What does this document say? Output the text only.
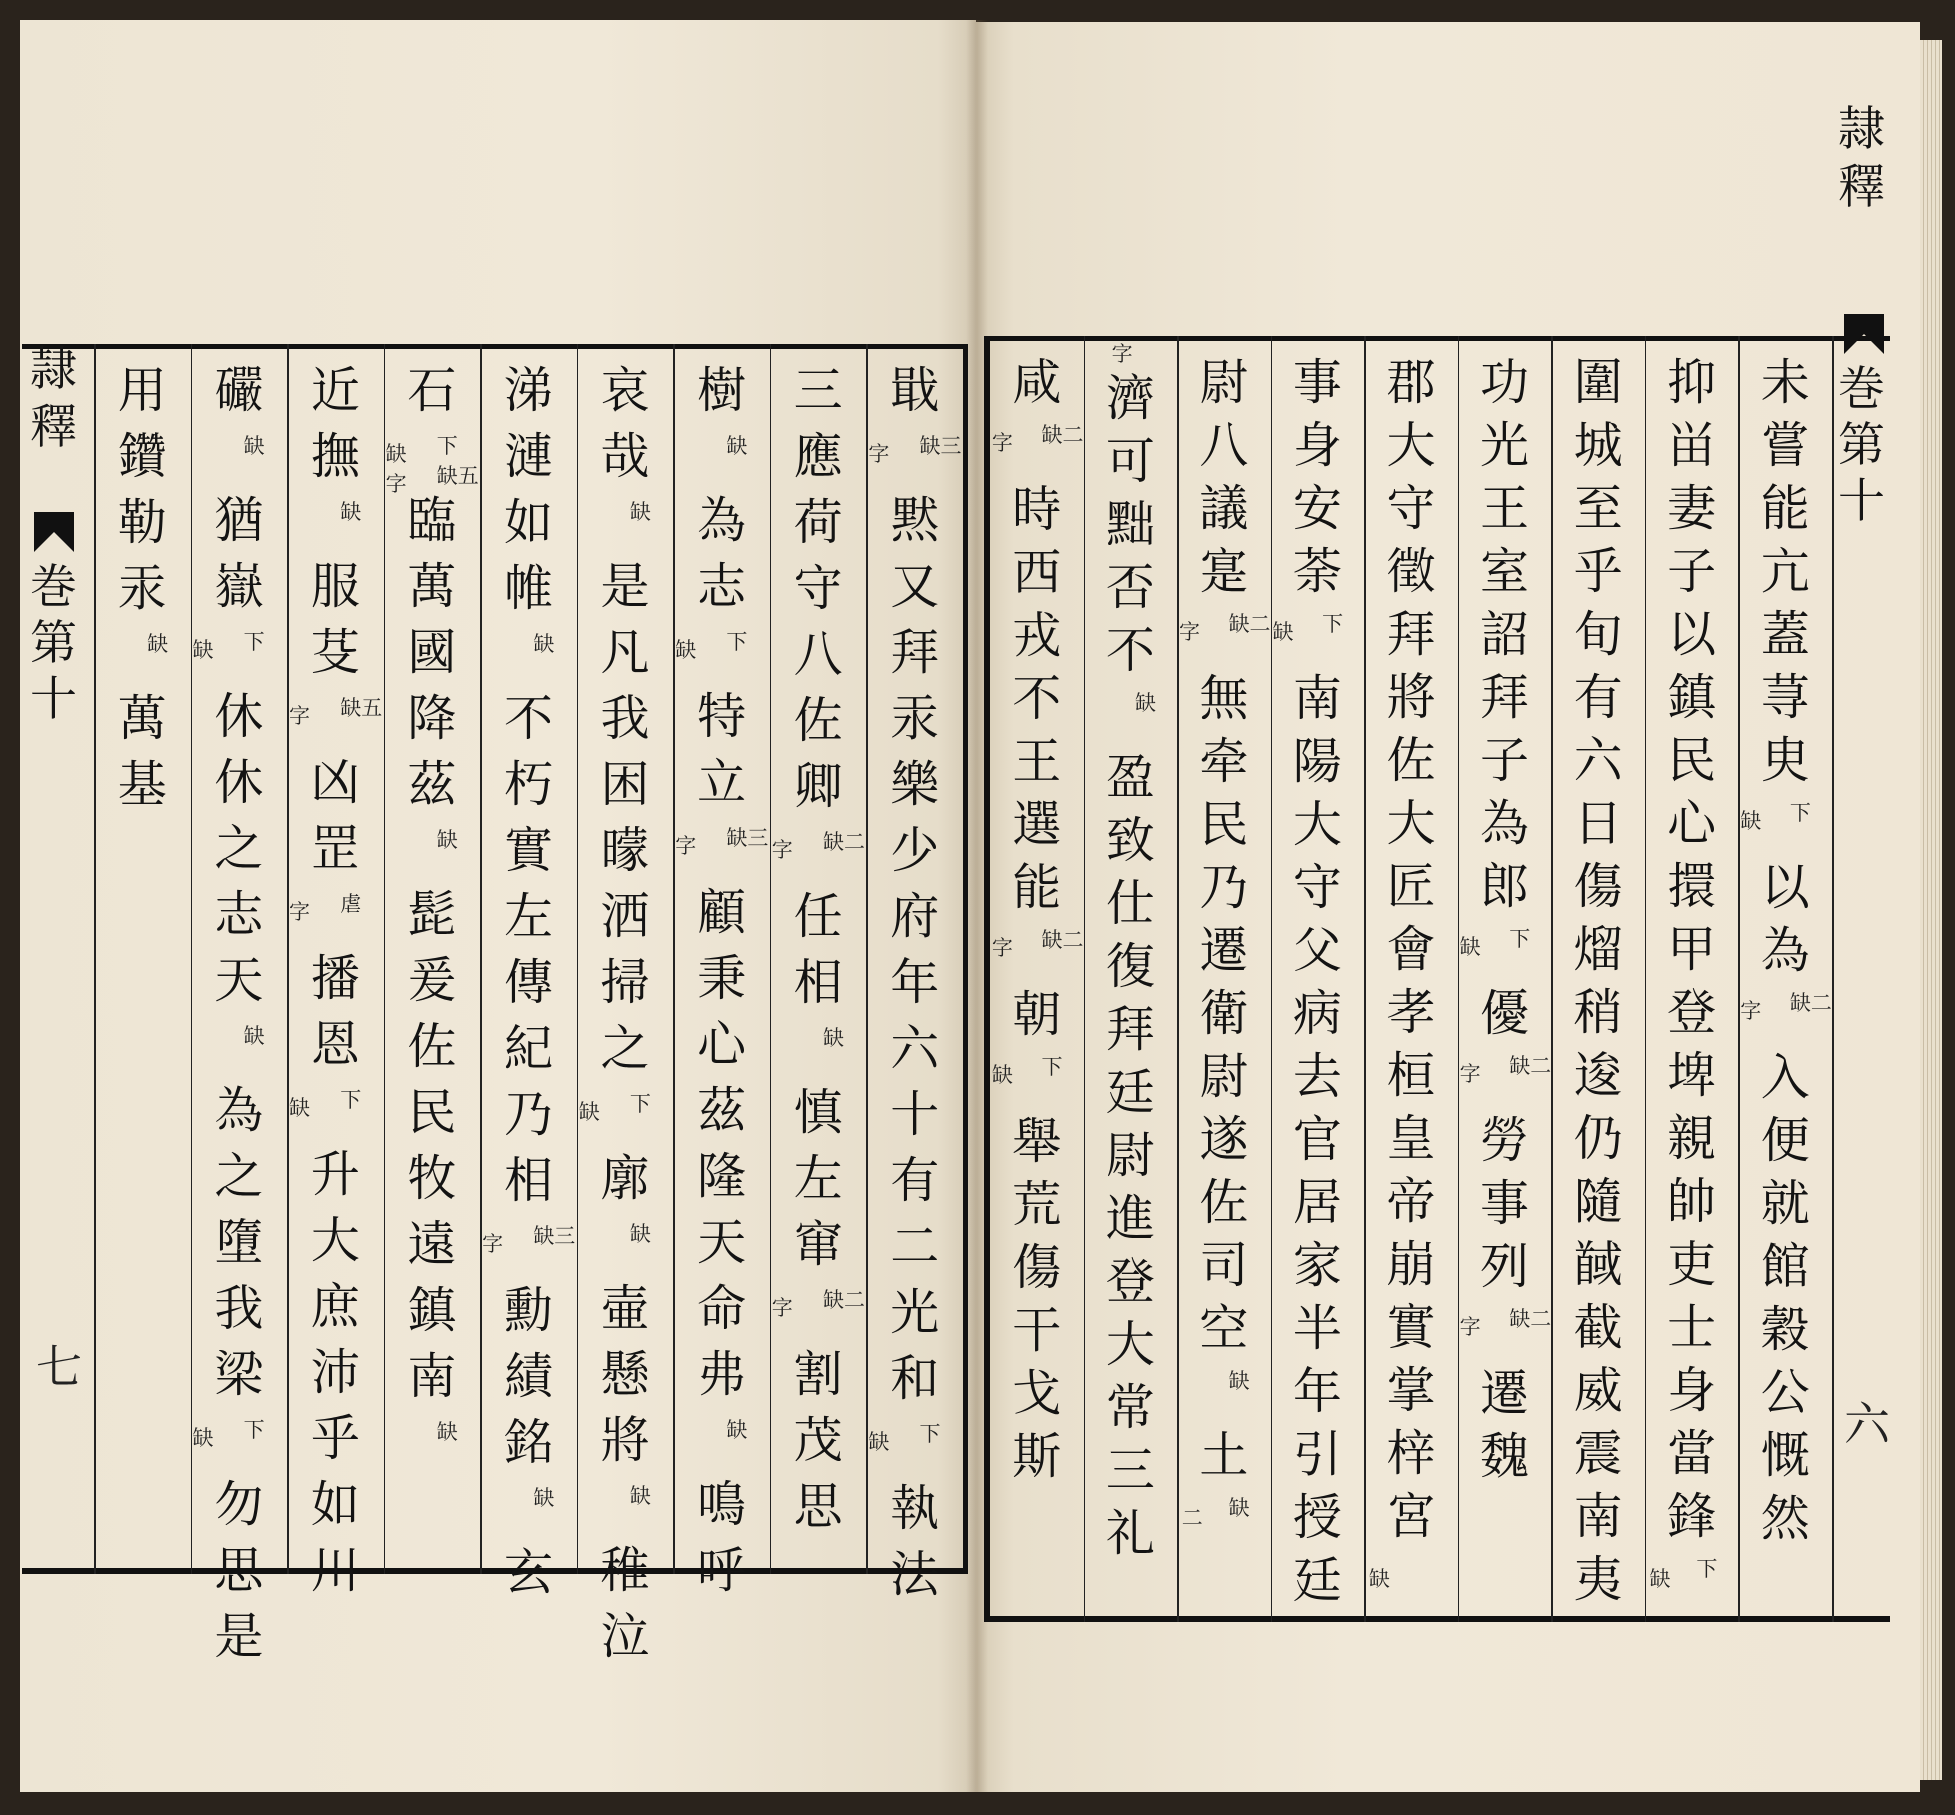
隷
釋
巻
第
十
七
戢
缺三
字
黙
又
拜
汞
樂
少
府
年
六
十
有
二
光
和
下
缺
執
法
三
應
荷
守
八
佐
卿
缺二
字
任
相
缺
慎
左
窜
缺二
字
割
茂
思
樹
缺
為
志
下
缺
特
立
缺三
字
顧
秉
心
茲
隆
天
命
弗
缺
鳴
呼
哀
哉
缺
是
凡
我
困
曚
洒
掃
之
下
缺
廓
缺
壷
懸
將
缺
稚
泣
涕
漣
如
帷
缺
不
朽
實
左
傳
紀
乃
相
缺三
字
勳
績
銘
缺
玄
石
下
缺
缺五
字
臨
萬
國
降
茲
缺
髭
爰
佐
民
牧
遠
鎮
南
缺
近
撫
缺
服
芟
缺五
字
凶
罡
虐
字
播
恩
下
缺
升
大
庶
沛
乎
如
川
礹
缺
猶
嶽
下
缺
休
休
之
志
天
缺
為
之
墮
我
梁
下
缺
勿
思
是
用
鑽
勒
汞
缺
萬
基
隷
釋
巻
第
十
六
未
嘗
能
亢
蓋
荨
㬰
下
缺
以
為
缺二
字
入
便
就
館
穀
公
慨
然
抑
畄
妻
子
以
鎮
民
心
擐
甲
登
埤
親
帥
吏
士
身
當
鋒
下
缺
圍
城
至
乎
旬
有
六
日
傷
熘
稍
逡
仍
隨
馘
截
威
震
南
夷
功
光
王
室
詔
拜
子
為
郎
下
缺
優
缺二
字
勞
事
列
缺二
字
遷
魏
郡
大
守
徵
拜
將
佐
大
匠
會
孝
桓
皇
帝
崩
實
掌
梓
宮
缺
事
身
安
荼
下
缺
南
陽
大
守
父
病
去
官
居
家
半
年
引
授
廷
尉
八
議
寔
缺二
字
無
牵
民
乃
遷
衛
尉
遂
佐
司
空
缺
土
缺
二
字
濟
可
黜
否
不
缺
盈
致
仕
復
拜
廷
尉
進
登
大
常
三
礼
咸
缺二
字
時
西
戎
不
王
選
能
缺二
字
朝
下
缺
舉
荒
傷
干
戈
斯
